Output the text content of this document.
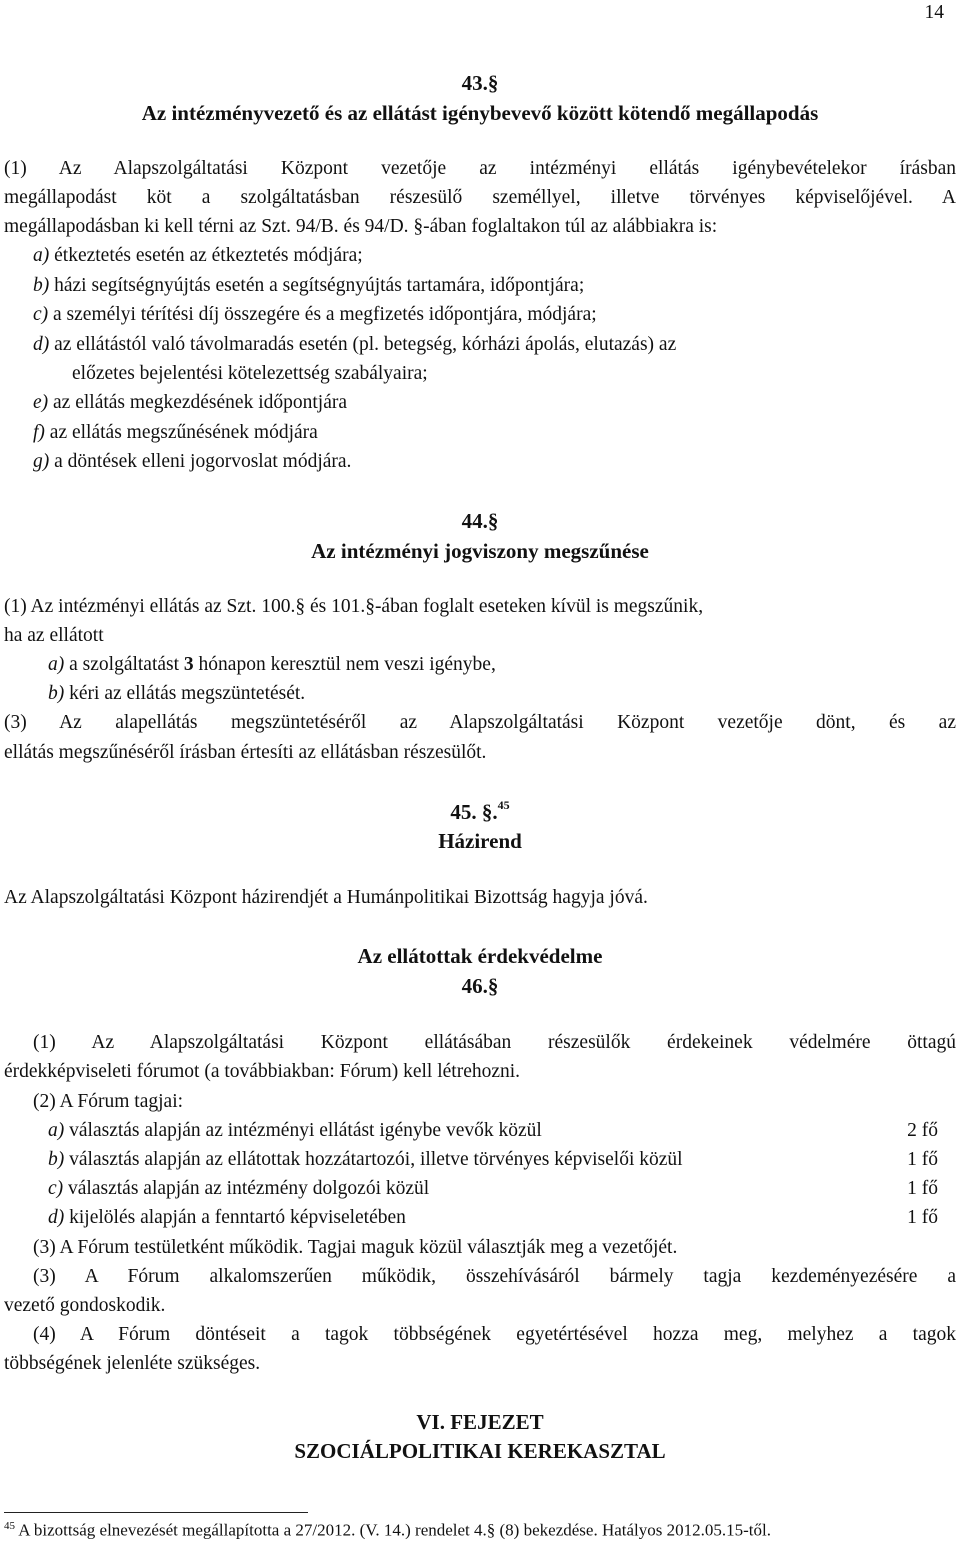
14
43.§
Az intézményvezető és az ellátást igénybevevő között kötendő megállapodás
(1) Az Alapszolgáltatási Központ vezetője az intézményi ellátás igénybevételekor írásban
megállapodást köt a szolgáltatásban részesülő személlyel, illetve törvényes képviselőjével. A
megállapodásban ki kell térni az Szt. 94/B. és 94/D. §-ában foglaltakon túl az alábbiakra is:
a) étkeztetés esetén az étkeztetés módjára;
b) házi segítségnyújtás esetén a segítségnyújtás tartamára, időpontjára;
c) a személyi térítési díj összegére és a megfizetés időpontjára, módjára;
d) az ellátástól való távolmaradás esetén (pl. betegség, kórházi ápolás, elutazás) az
előzetes bejelentési kötelezettség szabályaira;
e) az ellátás megkezdésének időpontjára
f) az ellátás megszűnésének módjára
g) a döntések elleni jogorvoslat módjára.
44.§
Az intézményi jogviszony megszűnése
(1) Az intézményi ellátás az Szt. 100.§ és 101.§-ában foglalt eseteken kívül is megszűnik,
ha az ellátott
a) a szolgáltatást 3 hónapon keresztül nem veszi igénybe,
b) kéri az ellátás megszüntetését.
(3) Az alapellátás megszüntetéséről az Alapszolgáltatási Központ vezetője dönt, és az
ellátás megszűnéséről írásban értesíti az ellátásban részesülőt.
45. §.$^{45}$
Házirend
Az Alapszolgáltatási Központ házirendjét a Humánpolitikai Bizottság hagyja jóvá.
Az ellátottak érdekvédelme
46.§
(1) Az Alapszolgáltatási Központ ellátásában részesülők érdekeinek védelmére öttagú
érdekképviseleti fórumot (a továbbiakban: Fórum) kell létrehozni.
(2) A Fórum tagjai:
a) választás alapján az intézményi ellátást igénybe vevők közül	2 fő
b) választás alapján az ellátottak hozzátartozói, illetve törvényes képviselői közül	1 fő
c) választás alapján az intézmény dolgozói közül	1 fő
d) kijelölés alapján a fenntartó képviseletében	1 fő
(3) A Fórum testületként működik. Tagjai maguk közül választják meg a vezetőjét.
(3) A Fórum alkalomszerűen működik, összehívásáról bármely tagja kezdeményezésére a
vezető gondoskodik.
(4) A Fórum döntéseit a tagok többségének egyetértésével hozza meg, melyhez a tagok
többségének jelenléte szükséges.
VI. FEJEZET
SZOCIÁLPOLITIKAI KEREKASZTAL
$^{45}$ A bizottság elnevezését megállapította a 27/2012. (V. 14.) rendelet 4.§ (8) bekezdése. Hatályos 2012.05.15-től.
